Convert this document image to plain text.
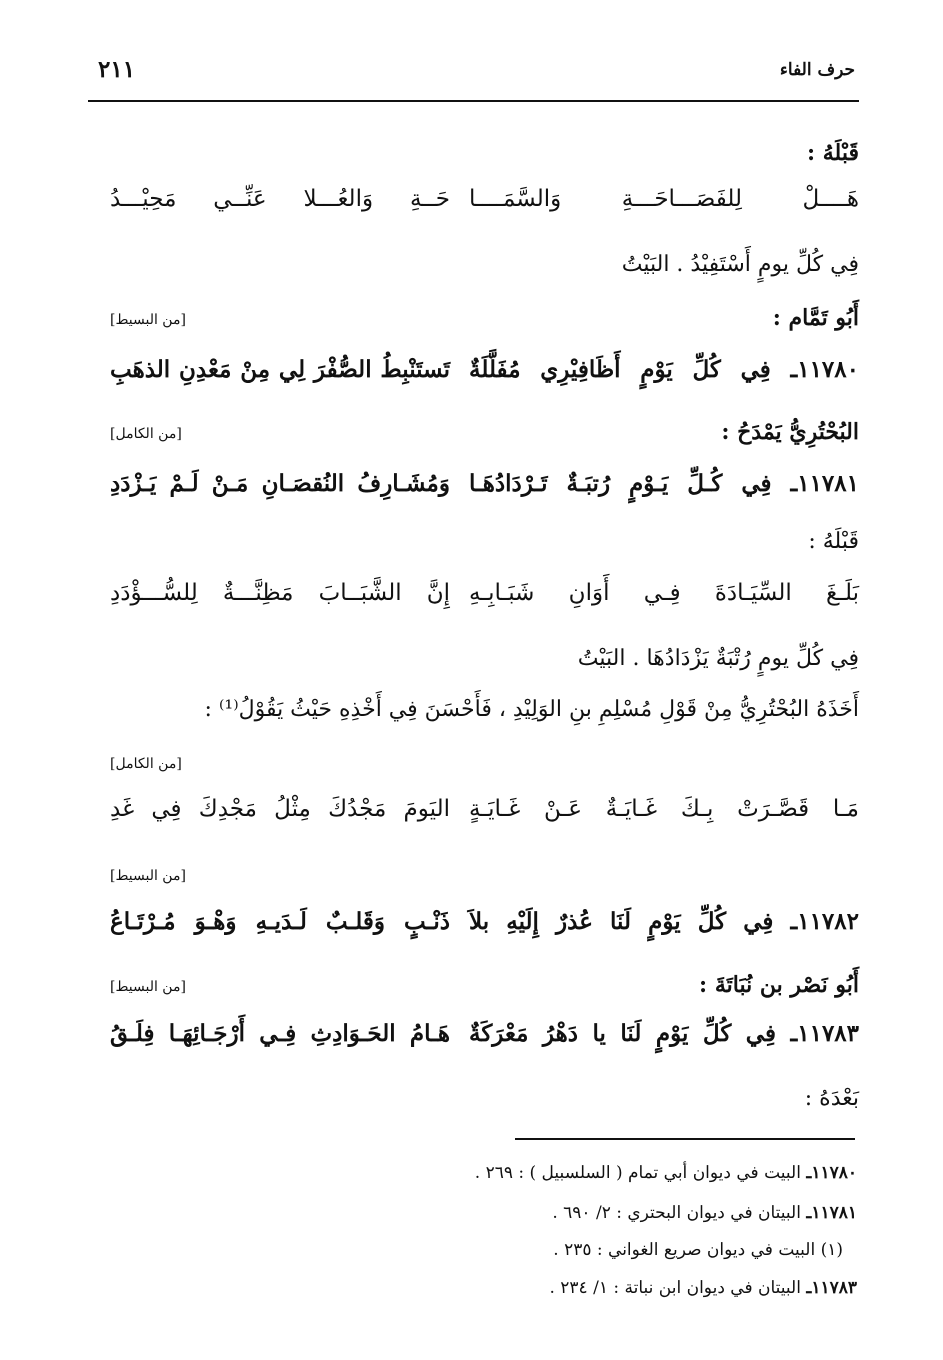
حرف الفاء
٢١١
قَبْلَهُ :
هَــــلْ لِلفَصَـــاحَـــةِ وَالسَّمَــــا
حَــةِ وَالعُـــلا عَنِّــي مَحِيْـــدُ
فِي كُلِّ يومٍ أَسْتَفِيْدُ . البَيْتُ
أَبُو تَمَّام :
[من البسيط]
١١٧٨٠ـ فِي كُلِّ يَوْمٍ أَظَافِيْرِي مُفَلَّلَةٌ
تَستَنْبِطُ الصُّفْرَ لِي مِنْ مَعْدِنِ الذهَبِ
البُحْتُرِيُّ يَمْدَحُ :
[من الكامل]
١١٧٨١ـ فِي كُـلِّ يَـوْمٍ رُتبَـةٌ تَـرْدَادُهَـا
وَمُشَـارِفُ النُقصَـانِ مَـنْ لَـمْ يَـزْدَدِ
قَبْلَهُ :
بَلَـغَ السِّيَـادَةَ فِـي أَوَانِ شَبَـابِـهِ
إِنَّ الشَّبَــابَ مَظِنَّـــةٌ لِلسُّـــؤْدَدِ
فِي كُلِّ يومٍ رُتْبَةٌ يَزْدَادُهَا . البَيْتُ
أَخَذَهُ البُحْتُرِيُّ مِنْ قَوْلِ مُسْلِمِ بنِ الوَلِيْدِ ، فَأَحْسَنَ فِي أَخْذِهِ حَيْثُ يَقُوْلُ⁽¹⁾ :
[من الكامل]
مَـا قَصَّـرَتْ بِـكَ غَـايَـةٌ عَـنْ غَـايَـةٍ
اليَومَ مَجْدُكَ مِثْلُ مَجْدِكَ فِي غَدِ
[من البسيط]
١١٧٨٢ـ فِي كُلِّ يَوْمٍ لَنَا عُذرٌ إِلَيْهِ بلاَ
ذَنْـبٍ وَقَلـبٌ لَـدَيـهِ وَهْـوَ مُـرْتَـاعُ
أَبُو نَصْر بن نُبَاتَةَ :
[من البسيط]
١١٧٨٣ـ فِي كُلِّ يَوْمٍ لَنَا يا دَهْرُ مَعْرَكَةٌ
هَـامُ الحَـوَادِثِ فِـي أَرْجَـائِهَـا فِلَـقُ
بَعْدَهُ :
١١٧٨٠ـ البيت في ديوان أبي تمام ( السلسبيل ) : ٢٦٩ .
١١٧٨١ـ البيتان في ديوان البحتري : ٢/ ٦٩٠ .
(١) البيت في ديوان صريع الغواني : ٢٣٥ .
١١٧٨٣ـ البيتان في ديوان ابن نباتة : ١/ ٢٣٤ .
